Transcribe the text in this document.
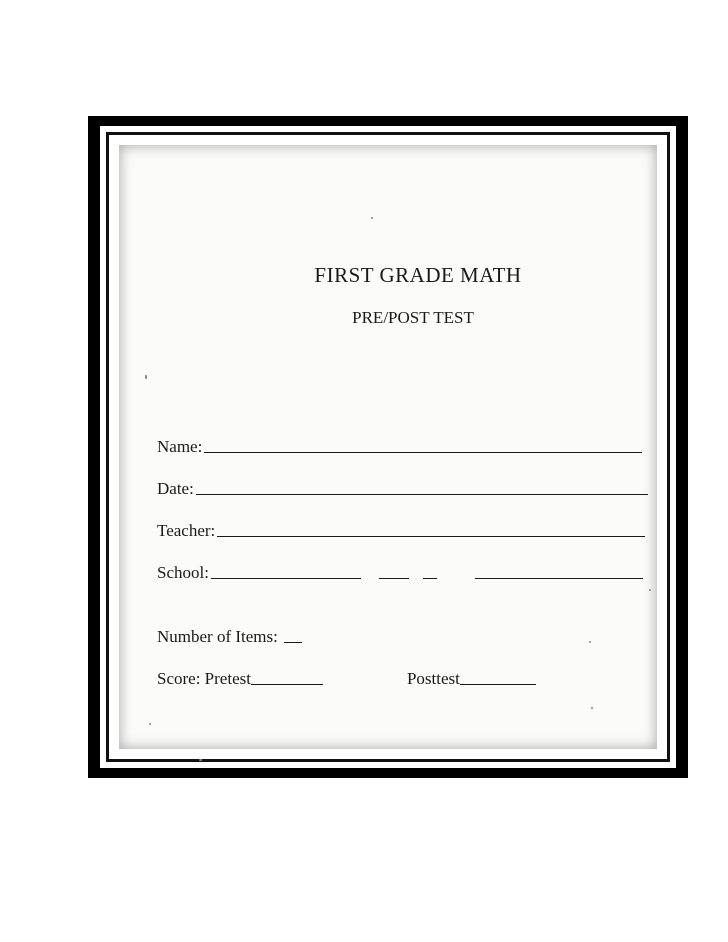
FIRST GRADE MATH
PRE/POST TEST
Name:
Date:
Teacher:
School:
Number of Items:
Score: Pretest	Posttest
